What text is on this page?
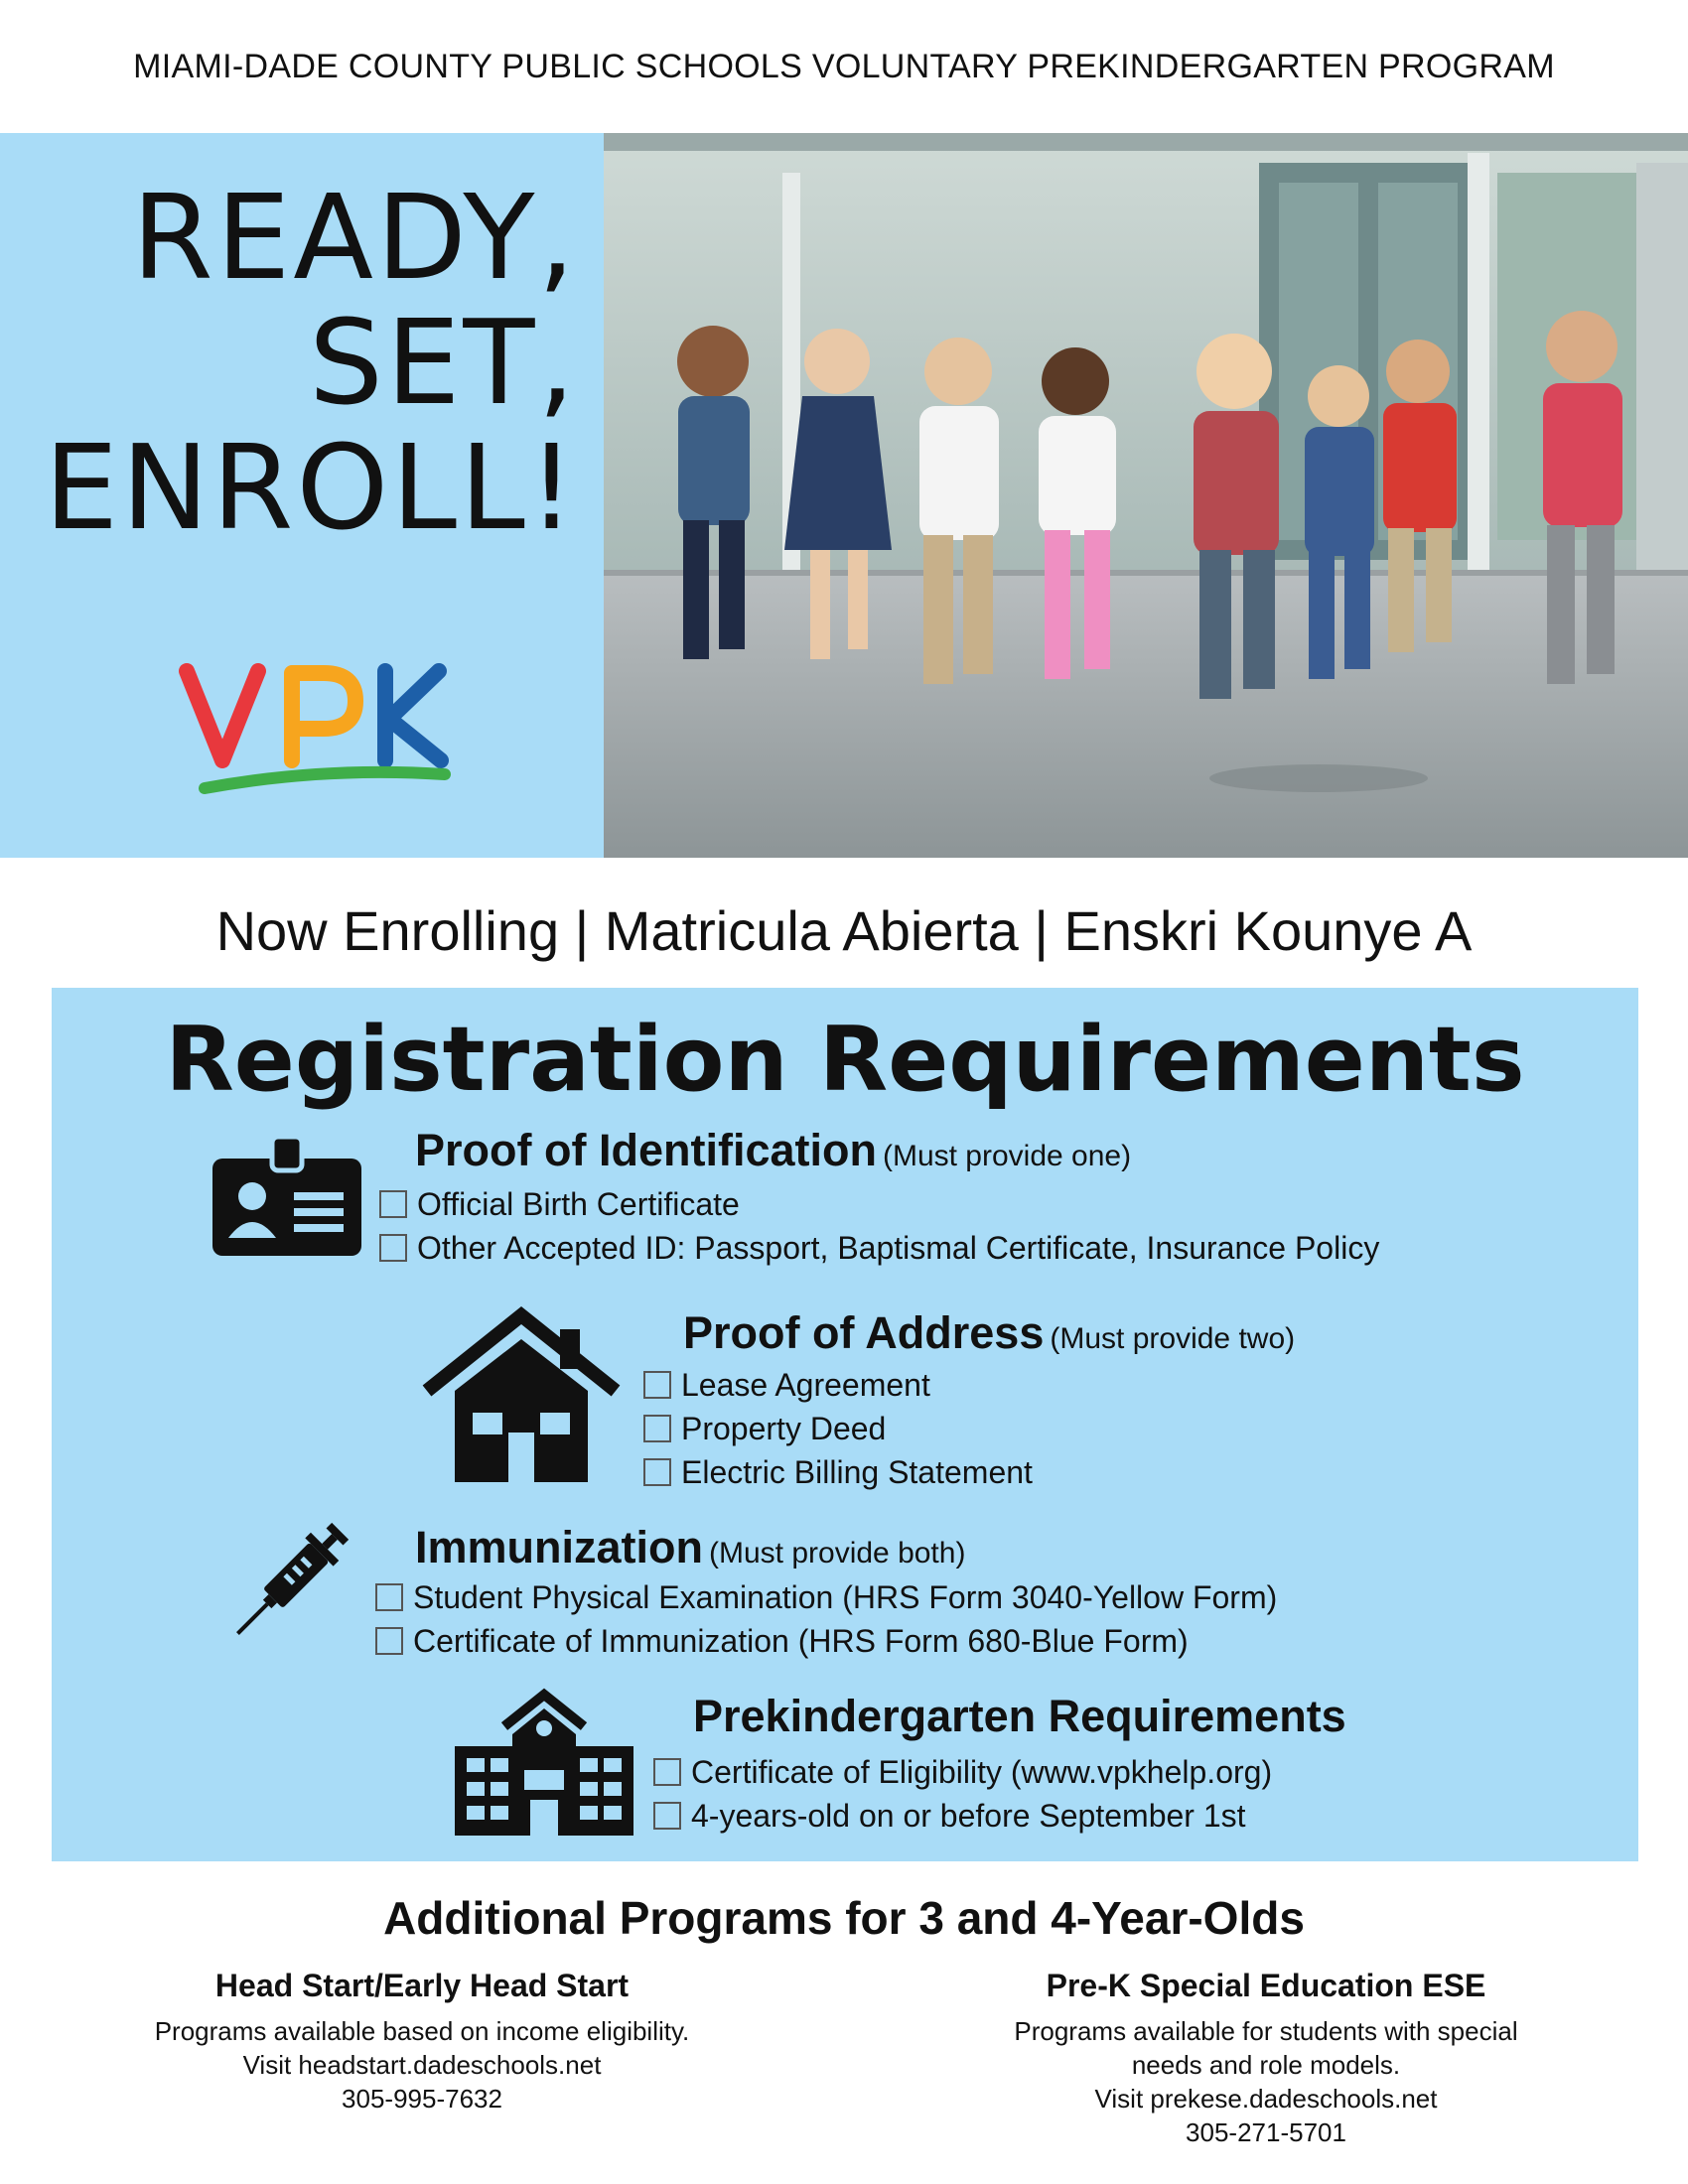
MIAMI-DADE COUNTY PUBLIC SCHOOLS VOLUNTARY PREKINDERGARTEN PROGRAM
READY,
SET,
ENROLL!
Now Enrolling | Matricula Abierta | Enskri Kounye A
Registration Requirements
Proof of Identification (Must provide one)
Official Birth Certificate
Other Accepted ID: Passport, Baptismal Certificate, Insurance Policy
Proof of Address (Must provide two)
Lease Agreement
Property Deed
Electric Billing Statement
Immunization (Must provide both)
Student Physical Examination (HRS Form 3040-Yellow Form)
Certificate of Immunization (HRS Form 680-Blue Form)
Prekindergarten Requirements
Certificate of Eligibility (www.vpkhelp.org)
4-years-old on or before September 1st
Additional Programs for 3 and 4-Year-Olds
Head Start/Early Head Start
Programs available based on income eligibility.
Visit headstart.dadeschools.net
305-995-7632
Pre-K Special Education ESE
Programs available for students with special
needs and role models.
Visit prekese.dadeschools.net
305-271-5701
